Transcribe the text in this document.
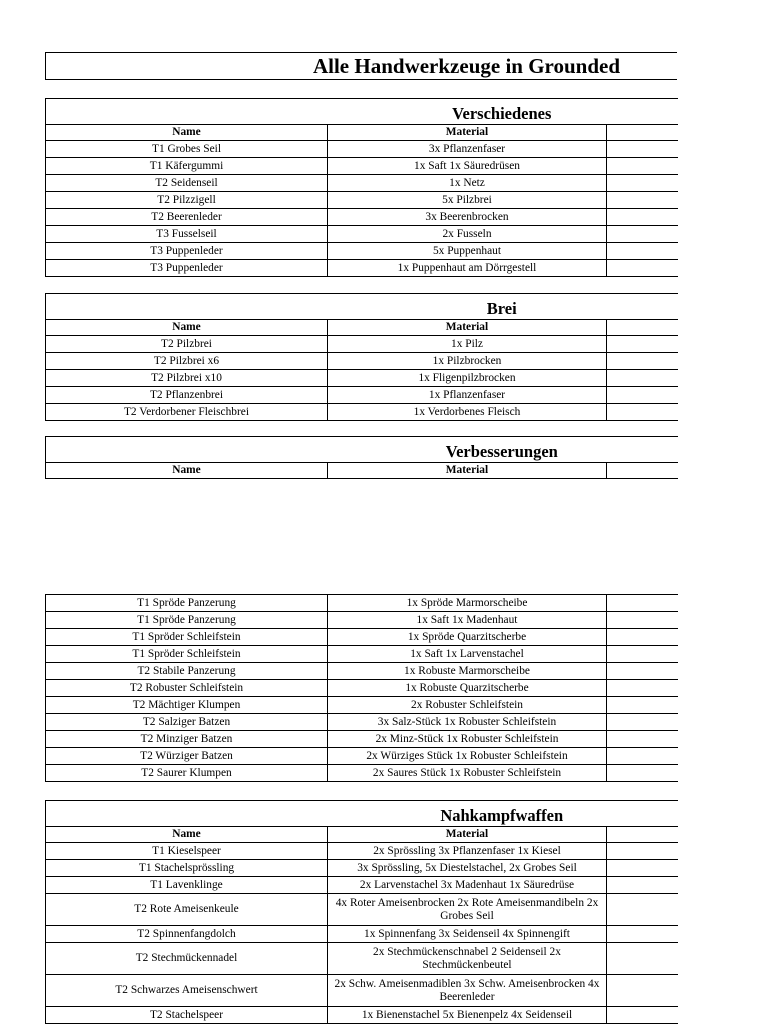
Alle Handwerkzeuge in Grounded
Verschiedenes		
Name	Material	
T1 Grobes Seil	3x Pflanzenfaser	
T1 Käfergummi	1x Saft 1x Säuredrüsen	
T2 Seidenseil	1x Netz	
T2 Pilzzigell	5x Pilzbrei	
T2 Beerenleder	3x Beerenbrocken	
T3 Fusselseil	2x Fusseln	
T3 Puppenleder	5x Puppenhaut	
T3 Puppenleder	1x Puppenhaut am Dörrgestell	
Brei		
Name	Material	
T2 Pilzbrei	1x Pilz	
T2 Pilzbrei x6	1x Pilzbrocken	
T2 Pilzbrei x10	1x Fligenpilzbrocken	
T2 Pflanzenbrei	1x Pflanzenfaser	
T2 Verdorbener Fleischbrei	1x Verdorbenes Fleisch	
Verbesserungen
Name	Material	
T1 Spröde Panzerung	1x Spröde Marmorscheibe	
T1 Spröde Panzerung	1x Saft 1x Madenhaut	
T1 Spröder Schleifstein	1x Spröde Quarzitscherbe	
T1 Spröder Schleifstein	1x Saft 1x Larvenstachel	
T2 Stabile Panzerung	1x Robuste Marmorscheibe	
T2 Robuster Schleifstein	1x Robuste Quarzitscherbe	
T2 Mächtiger Klumpen	2x Robuster Schleifstein	
T2 Salziger Batzen	3x Salz-Stück 1x Robuster Schleifstein	
T2 Minziger Batzen	2x Minz-Stück 1x Robuster Schleifstein	
T2 Würziger Batzen	2x Würziges Stück 1x Robuster Schleifstein	
T2 Saurer Klumpen	2x Saures Stück 1x Robuster Schleifstein	
Nahkampfwaffen		
Name	Material	
T1 Kieselspeer	2x Sprössling 3x Pflanzenfaser 1x Kiesel	
T1 Stachelsprössling	3x Sprössling, 5x Diestelstachel, 2x Grobes Seil	
T1 Lavenklinge	2x Larvenstachel 3x Madenhaut 1x Säuredrüse	
T2 Rote Ameisenkeule	4x Roter Ameisenbrocken 2x Rote Ameisenmandibeln 2x Grobes Seil	
T2 Spinnenfangdolch	1x Spinnenfang 3x Seidenseil 4x Spinnengift	
T2 Stechmückennadel	2x Stechmückenschnabel 2 Seidenseil 2x Stechmückenbeutel	
T2 Schwarzes Ameisenschwert	2x Schw. Ameisenmadiblen 3x Schw. Ameisenbrocken 4x Beerenleder	
T2 Stachelspeer	1x Bienenstachel 5x Bienenpelz 4x Seidenseil	
